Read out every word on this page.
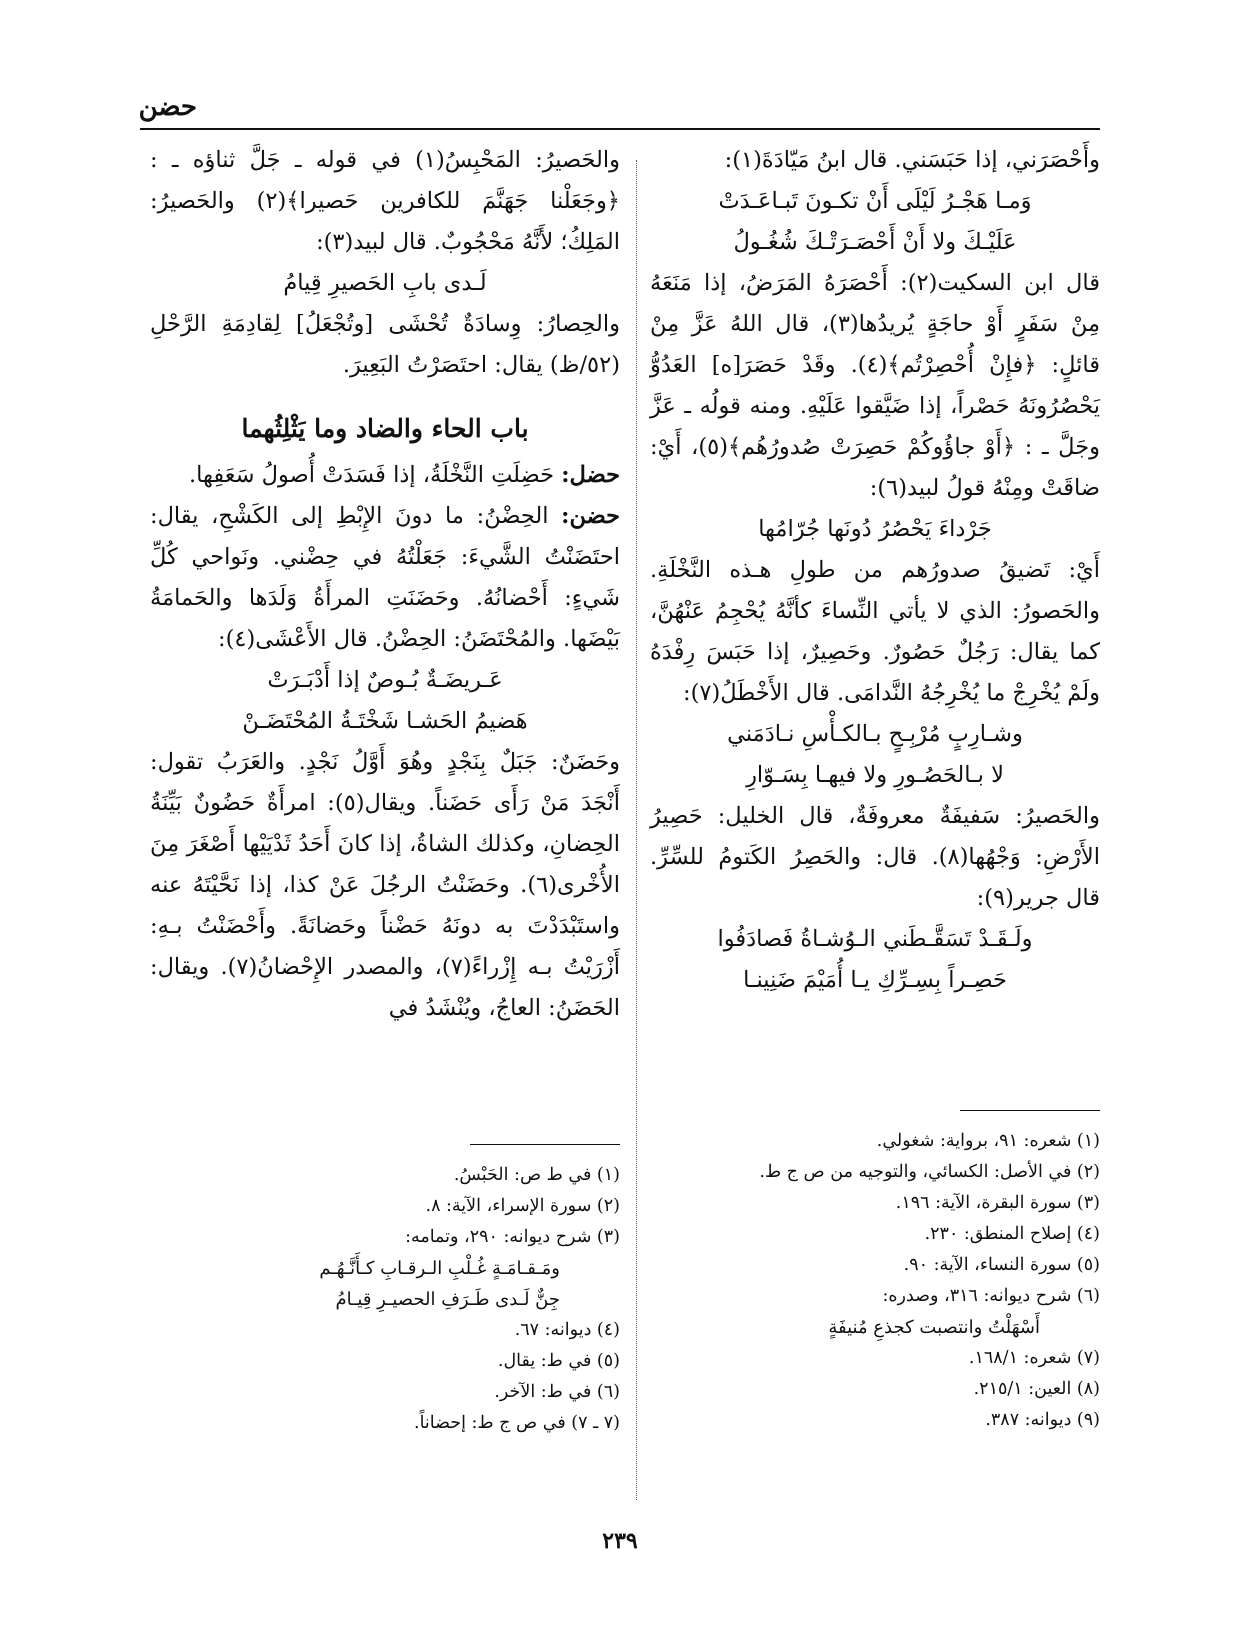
حضن

وأَحْصَرَني، إذا حَبَسَني. قال ابنُ مَيّادَةَ(١):

وَمـا هَجْـرُ لَيْلَى أَنْ تكـونَ تَبـاعَـدَتْ

عَلَيْـكَ ولا أَنْ أَحْصَـرَتْـكَ شُغُـولُ

قال ابن السكيت(٢): أَحْصَرَهُ المَرَضُ، إذا مَنَعَهُ مِنْ سَفَرٍ أَوْ حاجَةٍ يُريدُها(٣)، قال اللهُ عَزَّ مِنْ قائلٍ: ﴿فإِنْ أُحْصِرْتُم﴾(٤). وقَدْ حَصَرَ[ه] العَدُوُّ يَحْصُرُونَهُ حَصْراً، إذا ضَيَّقوا عَلَيْهِ. ومنه قولُه ـ عَزَّ وجَلَّ ـ : ﴿أَوْ جاؤُوكُمْ حَصِرَتْ صُدورُهُم﴾(٥)، أَيْ: ضاقَتْ ومِنْهُ قولُ لبيد(٦):

جَرْداءَ يَحْصُرُ دُونَها جُرّامُها

أَيْ: تَضيقُ صدورُهم من طولِ هـذه النَّخْلَةِ. والحَصورُ: الذي لا يأتي النِّساءَ كأنَّهُ يُحْجِمُ عَنْهُنَّ، كما يقال: رَجُلٌ حَصُورٌ. وحَصِيرٌ، إذا حَبَسَ رِفْدَهُ ولَمْ يُخْرِجْ ما يُخْرِجُهُ النَّدامَى. قال الأَخْطَلُ(٧):

وشـارِبٍ مُرْبِـحٍ بـالكـأْسِ نـادَمَني

لا بـالحَصُـورِ ولا فيهـا بِسَـوّارِ

والحَصيرُ: سَفيفَةٌ معروفَةٌ، قال الخليل: حَصِيرُ الأَرْضِ: وَجْهُها(٨). قال: والحَصِرُ الكَتومُ للسِّرِّ. قال جرير(٩):

ولَـقَـدْ تَسَقَّـطَني الـوُشـاةُ فَصادَفُوا

حَصِـراً بِسِـرِّكِ يـا أُمَيْمَ ضَنِينـا

والحَصيرُ: المَحْبِسُ(١) في قوله ـ جَلَّ ثناؤه ـ : ﴿وجَعَلْنا جَهَنَّمَ للكافرين حَصيرا﴾(٢) والحَصيرُ: المَلِكُ؛ لأَنَّهُ مَحْجُوبٌ. قال لبيد(٣):

لَـدى بابِ الحَصيرِ قِيامُ

والحِصارُ: وِسادَةٌ تُحْشَى [وتُجْعَلُ] لِقادِمَةِ الرَّحْلِ (٥٢/ظ) يقال: احتَصَرْتُ البَعِيرَ.

باب الحاء والضاد وما يَثْلِثُهما

حضل: حَضِلَتِ النَّخْلَةُ، إذا فَسَدَتْ أُصولُ سَعَفِها.

حضن: الحِضْنُ: ما دونَ الإِبْطِ إلى الكَشْحِ، يقال: احتَضَنْتُ الشَّيءَ: جَعَلْتُهُ في حِضْني. ونَواحي كُلِّ شَيءٍ: أَحْضانُهُ. وحَضَنَتِ المرأَةُ وَلَدَها والحَمامَةُ بَيْضَها. والمُحْتَضَنُ: الحِضْنُ. قال الأَعْشَى(٤):

عَـريضَـةٌ بُـوصٌ إذا أَدْبَـرَتْ

هَضيمُ الحَشـا شَخْتَـةُ المُحْتَضَـنْ

وحَضَنٌ: جَبَلٌ بِنَجْدٍ وهُوَ أَوَّلُ نَجْدٍ. والعَرَبُ تقول: أَنْجَدَ مَنْ رَأَى حَضَناً. ويقال(٥): امرأَةٌ حَضُونٌ بَيِّنَةُ الحِضانِ، وكذلك الشاةُ، إذا كانَ أَحَدُ ثَدْيَيْها أَصْغَرَ مِنَ الأُخْرى(٦). وحَضَنْتُ الرجُلَ عَنْ كذا، إذا نَحَّيْتَهُ عنه واستَبْدَدْتَ به دونَهُ حَضْناً وحَضانَةً. وأَحْضَنْتُ بـهِ: أَزْرَيْتُ بـه إِزْراءً(٧)، والمصدر الإِحْضانُ(٧). ويقال: الحَضَنُ: العاجُ، ويُنْشَدُ في

(١) شعره: ٩١، برواية: شغولي.
(٢) في الأصل: الكسائي، والتوجيه من ص ج ط.
(٣) سورة البقرة، الآية: ١٩٦.
(٤) إصلاح المنطق: ٢٣٠.
(٥) سورة النساء، الآية: ٩٠.
(٦) شرح ديوانه: ٣١٦، وصدره:
أَسْهَلْتُ وانتصبت كجذعِ مُنيفَةٍ
(٧) شعره: ١٦٨/١.
(٨) العين: ٢١٥/١.
(٩) ديوانه: ٣٨٧.
(١) في ط ص: الحَبْسُ.
(٢) سورة الإسراء، الآية: ٨.
(٣) شرح ديوانه: ٢٩٠، وتمامه:
ومَـقـامَـةٍ غُـلْبِ الـرقـابِ كـأَنَّـهُـم
جِنٌّ لَـدى طَـرَفِ الحصيـرِ قِيـامُ
(٤) ديوانه: ٦٧.
(٥) في ط: يقال.
(٦) في ط: الآخر.
(٧ ـ ٧) في ص ج ط: إحضاناً.
٢٣٩
